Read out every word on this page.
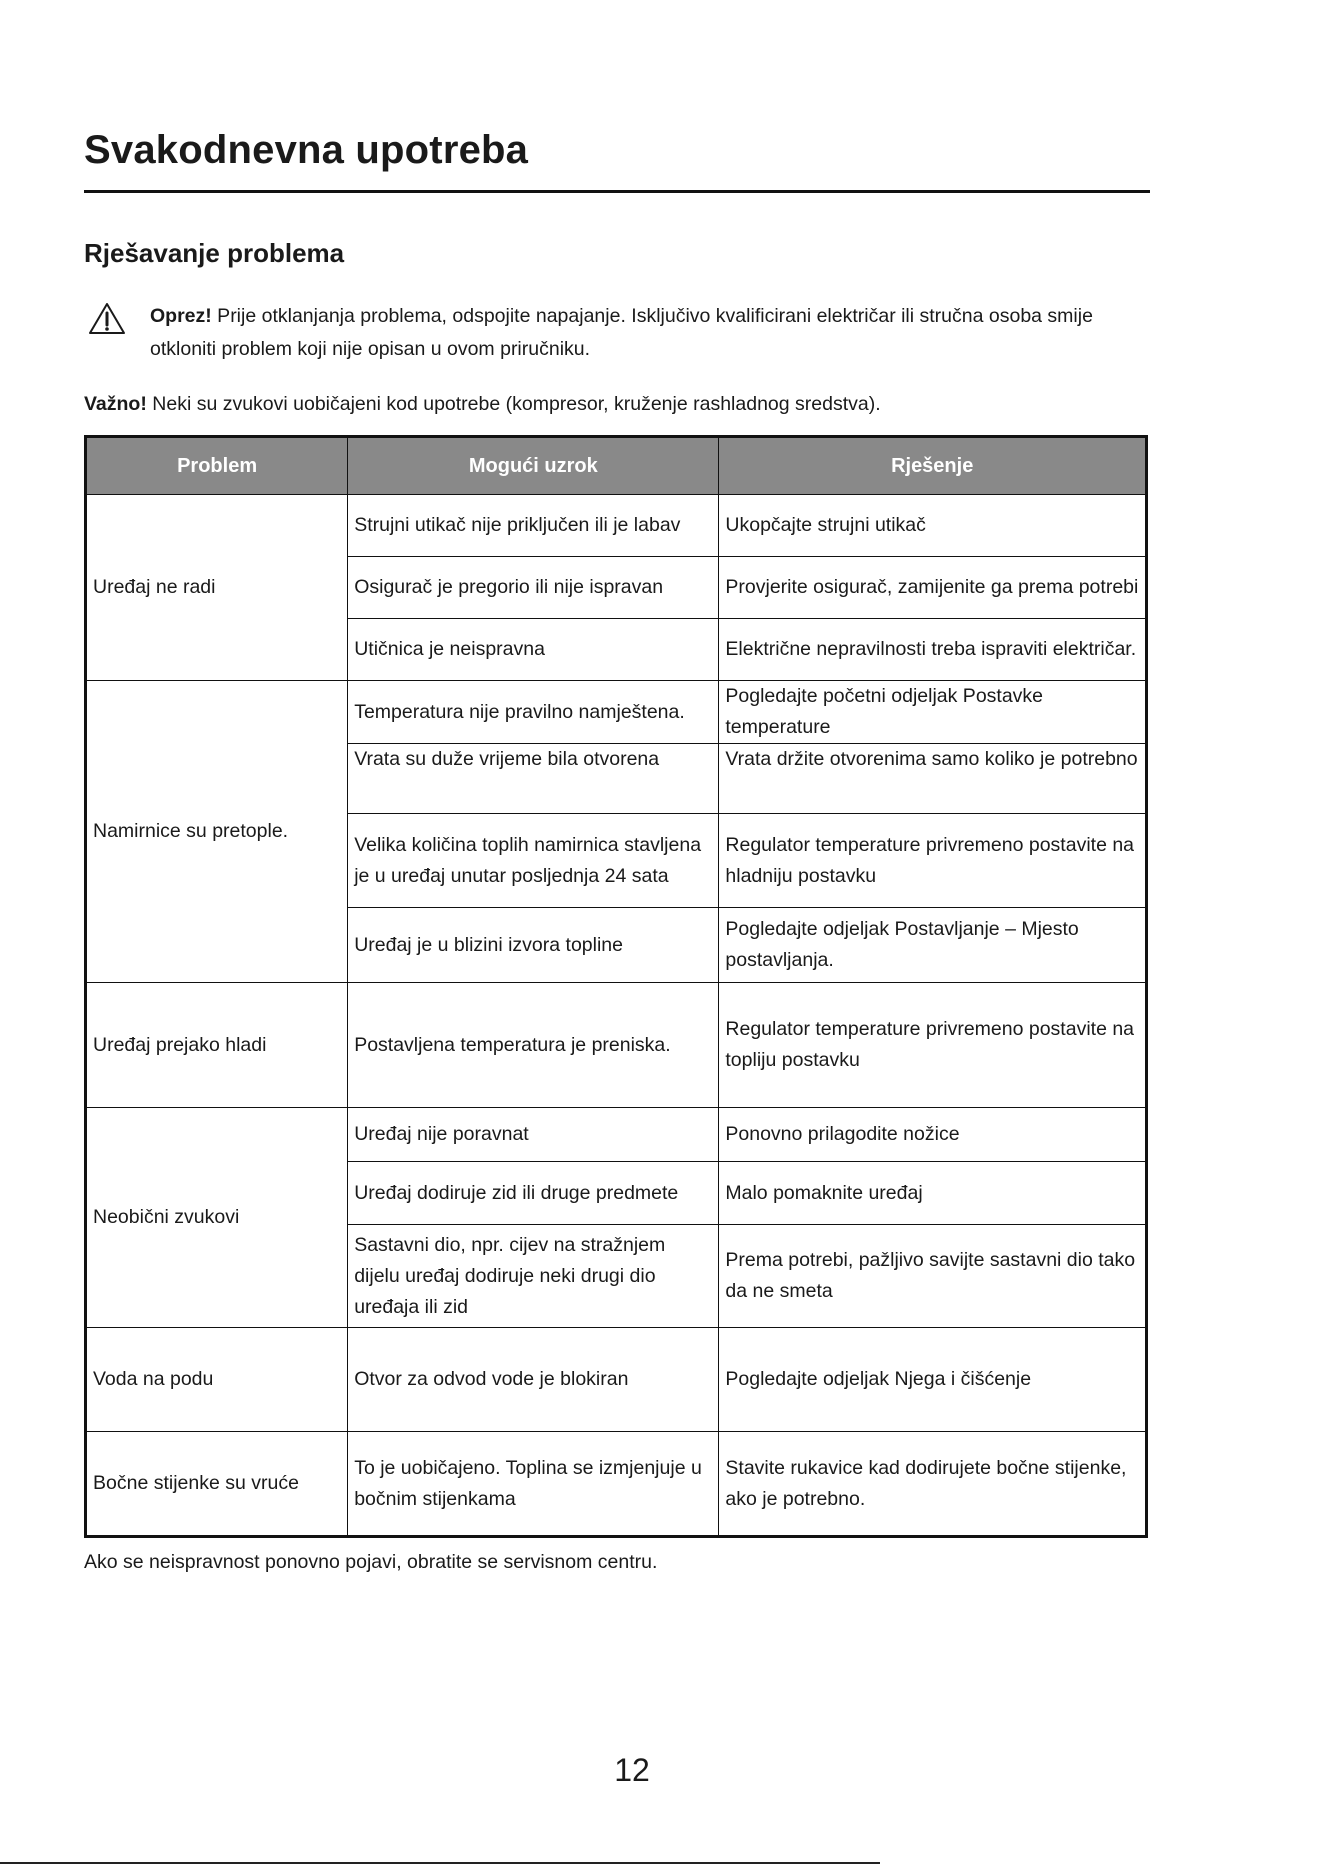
Svakodnevna upotreba
Rješavanje problema
Oprez! Prije otklanjanja problema, odspojite napajanje. Isključivo kvalificirani električar ili stručna osoba smije otkloniti problem koji nije opisan u ovom priručniku.
Važno! Neki su zvukovi uobičajeni kod upotrebe (kompresor, kruženje rashladnog sredstva).
Problem	Mogući uzrok	Rješenje
Uređaj ne radi	Strujni utikač nije priključen ili je labav	Ukopčajte strujni utikač
	Osigurač je pregorio ili nije ispravan	Provjerite osigurač, zamijenite ga prema potrebi
	Utičnica je neispravna	Električne nepravilnosti treba ispraviti električar.
Namirnice su pretople.	Temperatura nije pravilno namještena.	Pogledajte početni odjeljak Postavke temperature
	Vrata su duže vrijeme bila otvorena	Vrata držite otvorenima samo koliko je potrebno
	Velika količina toplih namirnica stavljena je u uređaj unutar posljednja 24 sata	Regulator temperature privremeno postavite na hladniju postavku
	Uređaj je u blizini izvora topline	Pogledajte odjeljak Postavljanje – Mjesto postavljanja.
Uređaj prejako hladi	Postavljena temperatura je preniska.	Regulator temperature privremeno postavite na topliju postavku
Neobični zvukovi	Uređaj nije poravnat	Ponovno prilagodite nožice
	Uređaj dodiruje zid ili druge predmete	Malo pomaknite uređaj
	Sastavni dio, npr. cijev na stražnjem dijelu uređaj dodiruje neki drugi dio uređaja ili zid	Prema potrebi, pažljivo savijte sastavni dio tako da ne smeta
Voda na podu	Otvor za odvod vode je blokiran	Pogledajte odjeljak Njega i čišćenje
Bočne stijenke su vruće	To je uobičajeno. Toplina se izmjenjuje u bočnim stijenkama	Stavite rukavice kad dodirujete bočne stijenke, ako je potrebno.
Ako se neispravnost ponovno pojavi, obratite se servisnom centru.
12
